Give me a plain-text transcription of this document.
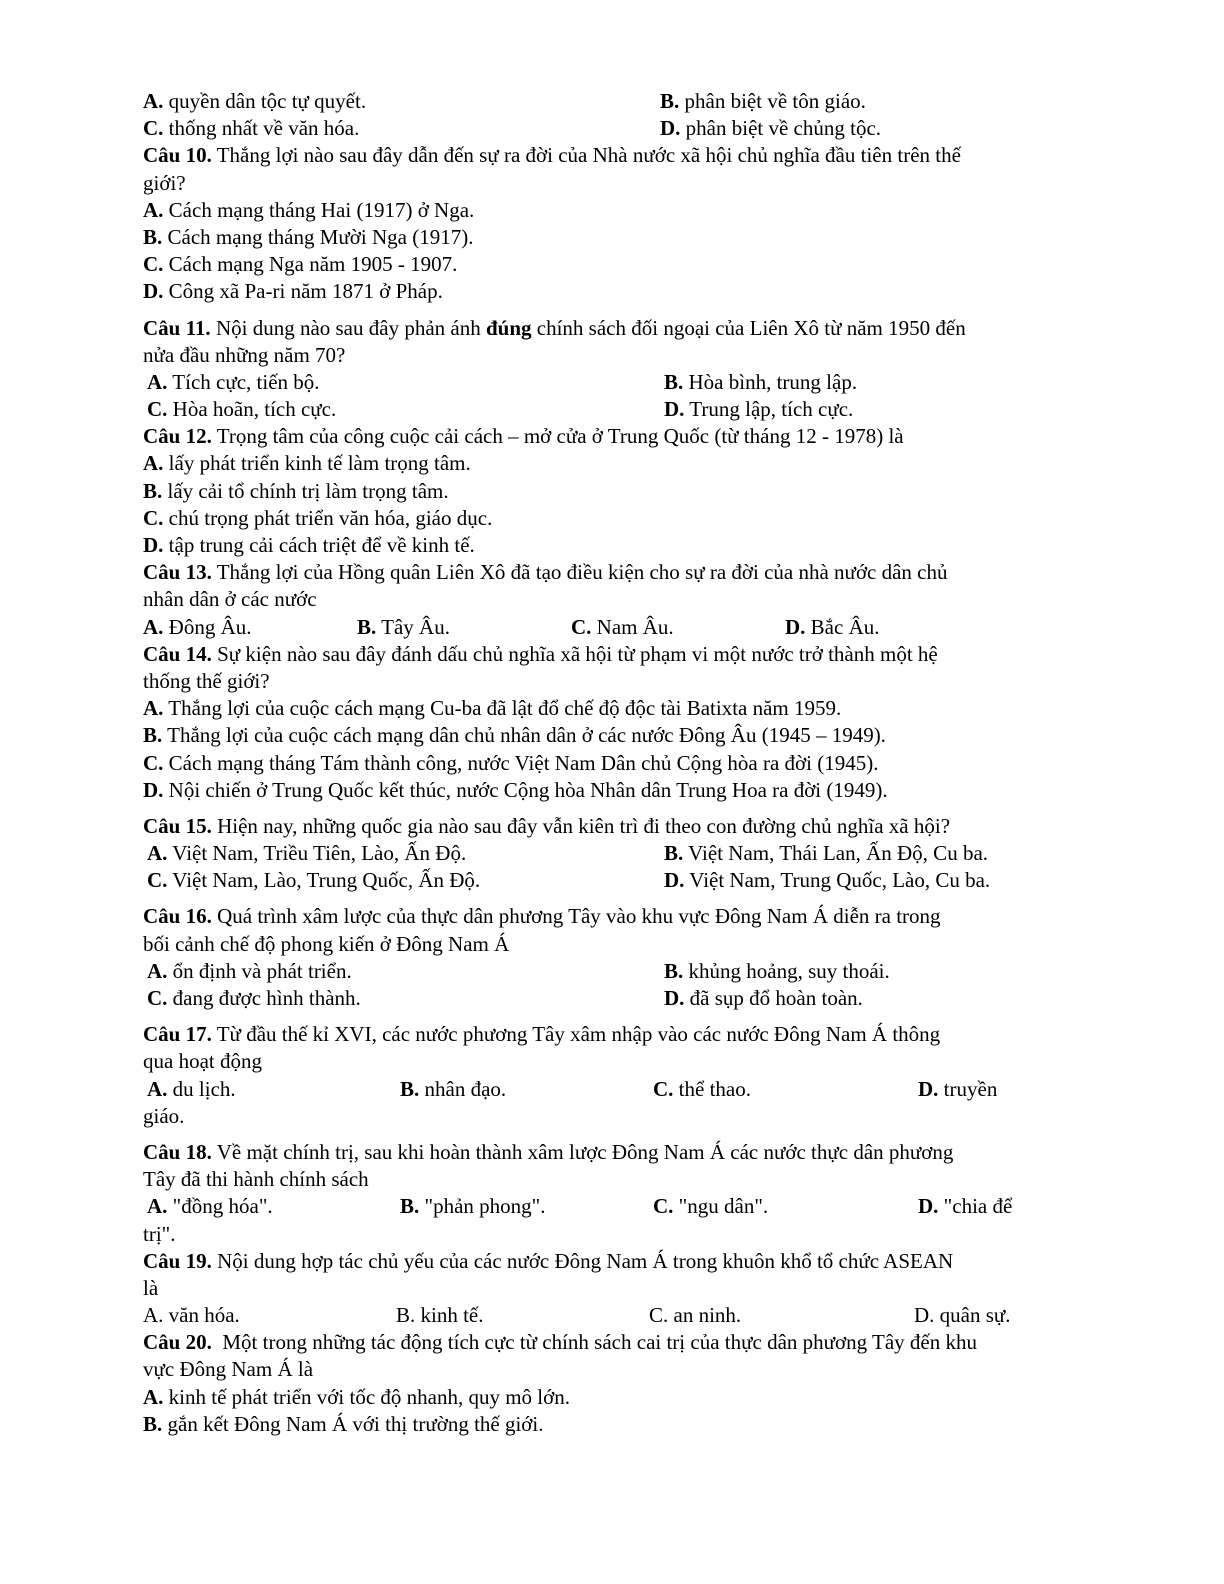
A. quyền dân tộc tự quyết.	B. phân biệt về tôn giáo.
C. thống nhất về văn hóa.	D. phân biệt về chủng tộc.
Câu 10. Thắng lợi nào sau đây dẫn đến sự ra đời của Nhà nước xã hội chủ nghĩa đầu tiên trên thế
giới?
A. Cách mạng tháng Hai (1917) ở Nga.
B. Cách mạng tháng Mười Nga (1917).
C. Cách mạng Nga năm 1905 - 1907.
D. Công xã Pa-ri năm 1871 ở Pháp.
Câu 11. Nội dung nào sau đây phản ánh đúng chính sách đối ngoại của Liên Xô từ năm 1950 đến
nửa đầu những năm 70?
A. Tích cực, tiến bộ.	B. Hòa bình, trung lập.
C. Hòa hoãn, tích cực.	D. Trung lập, tích cực.
Câu 12. Trọng tâm của công cuộc cải cách – mở cửa ở Trung Quốc (từ tháng 12 - 1978) là
A. lấy phát triển kinh tế làm trọng tâm.
B. lấy cải tổ chính trị làm trọng tâm.
C. chú trọng phát triển văn hóa, giáo dục.
D. tập trung cải cách triệt để về kinh tế.
Câu 13. Thắng lợi của Hồng quân Liên Xô đã tạo điều kiện cho sự ra đời của nhà nước dân chủ
nhân dân ở các nước
A. Đông Âu.	B. Tây Âu.	C. Nam Âu.	D. Bắc Âu.
Câu 14. Sự kiện nào sau đây đánh dấu chủ nghĩa xã hội từ phạm vi một nước trở thành một hệ
thống thế giới?
A. Thắng lợi của cuộc cách mạng Cu-ba đã lật đổ chế độ độc tài Batixta năm 1959.
B. Thắng lợi của cuộc cách mạng dân chủ nhân dân ở các nước Đông Âu (1945 – 1949).
C. Cách mạng tháng Tám thành công, nước Việt Nam Dân chủ Cộng hòa ra đời (1945).
D. Nội chiến ở Trung Quốc kết thúc, nước Cộng hòa Nhân dân Trung Hoa ra đời (1949).
Câu 15. Hiện nay, những quốc gia nào sau đây vẫn kiên trì đi theo con đường chủ nghĩa xã hội?
A. Việt Nam, Triều Tiên, Lào, Ấn Độ.	B. Việt Nam, Thái Lan, Ấn Độ, Cu ba.
C. Việt Nam, Lào, Trung Quốc, Ấn Độ.	D. Việt Nam, Trung Quốc, Lào, Cu ba.
Câu 16. Quá trình xâm lược của thực dân phương Tây vào khu vực Đông Nam Á diễn ra trong
bối cảnh chế độ phong kiến ở Đông Nam Á
A. ổn định và phát triển.	B. khủng hoảng, suy thoái.
C. đang được hình thành.	D. đã sụp đổ hoàn toàn.
Câu 17. Từ đầu thế kỉ XVI, các nước phương Tây xâm nhập vào các nước Đông Nam Á thông
qua hoạt động
A. du lịch.	B. nhân đạo.	C. thể thao.	D. truyền
giáo.
Câu 18. Về mặt chính trị, sau khi hoàn thành xâm lược Đông Nam Á các nước thực dân phương
Tây đã thi hành chính sách
A. "đồng hóa".	B. "phản phong".	C. "ngu dân".	D. "chia để
trị".
Câu 19. Nội dung hợp tác chủ yếu của các nước Đông Nam Á trong khuôn khổ tổ chức ASEAN
là
A. văn hóa.	B. kinh tế.	C. an ninh.	D. quân sự.
Câu 20.  Một trong những tác động tích cực từ chính sách cai trị của thực dân phương Tây đến khu
vực Đông Nam Á là
A. kinh tế phát triển với tốc độ nhanh, quy mô lớn.
B. gắn kết Đông Nam Á với thị trường thế giới.
